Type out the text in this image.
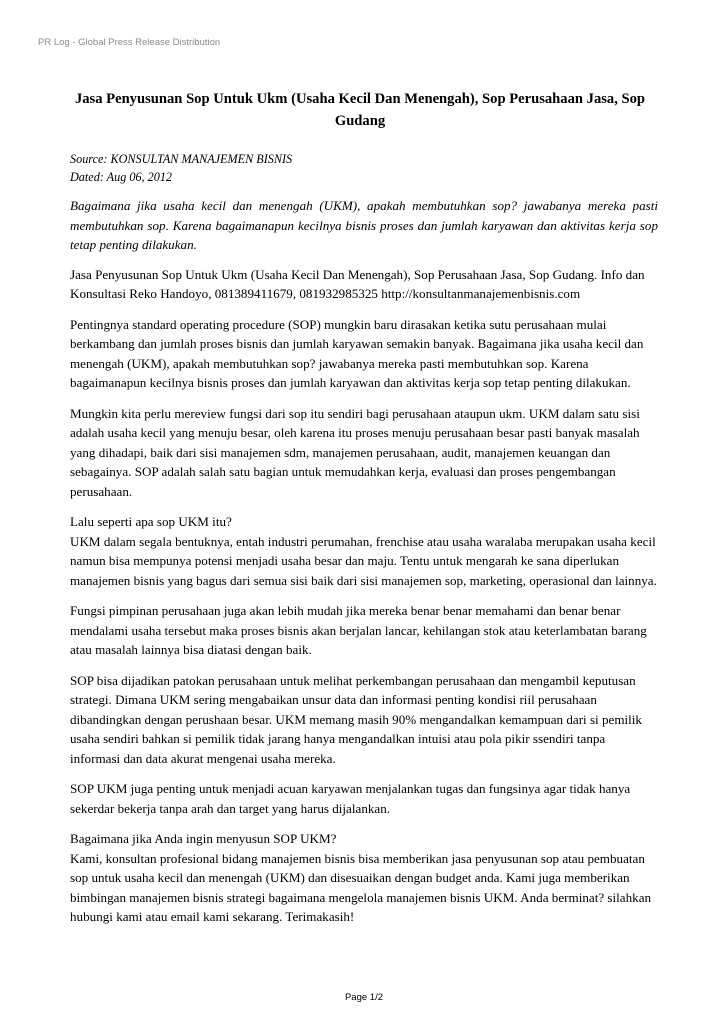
PR Log - Global Press Release Distribution
Jasa Penyusunan Sop Untuk Ukm (Usaha Kecil Dan Menengah), Sop Perusahaan Jasa, Sop Gudang
Source: KONSULTAN MANAJEMEN BISNIS
Dated: Aug 06, 2012

Bagaimana jika usaha kecil dan menengah (UKM), apakah membutuhkan sop? jawabanya mereka pasti membutuhkan sop. Karena bagaimanapun kecilnya bisnis proses dan jumlah karyawan dan aktivitas kerja sop tetap penting dilakukan.

Jasa Penyusunan Sop Untuk Ukm (Usaha Kecil Dan Menengah), Sop Perusahaan Jasa, Sop Gudang. Info dan Konsultasi Reko Handoyo, 081389411679, 081932985325 http://konsultanmanajemenbisnis.com

Pentingnya standard operating procedure (SOP) mungkin baru dirasakan ketika sutu perusahaan mulai berkambang dan jumlah proses bisnis dan jumlah karyawan semakin banyak. Bagaimana jika usaha kecil dan menengah (UKM), apakah membutuhkan sop? jawabanya mereka pasti membutuhkan sop. Karena bagaimanapun kecilnya bisnis proses dan jumlah karyawan dan aktivitas kerja sop tetap penting dilakukan.

Mungkin kita perlu mereview fungsi dari sop itu sendiri bagi perusahaan ataupun ukm. UKM dalam satu sisi adalah usaha kecil yang menuju besar, oleh karena itu proses menuju perusahaan besar pasti banyak masalah yang dihadapi, baik dari sisi manajemen sdm, manajemen perusahaan, audit, manajemen keuangan dan sebagainya. SOP adalah salah satu bagian untuk memudahkan kerja, evaluasi dan proses pengembangan perusahaan.

Lalu seperti apa sop UKM itu?
UKM dalam segala bentuknya, entah industri perumahan, frenchise atau usaha waralaba merupakan usaha kecil namun bisa mempunya potensi menjadi usaha besar dan maju. Tentu untuk mengarah ke sana diperlukan manajemen bisnis yang bagus dari semua sisi baik dari sisi manajemen sop, marketing, operasional dan lainnya.

Fungsi pimpinan perusahaan juga akan lebih mudah jika mereka benar benar memahami dan benar benar mendalami usaha tersebut maka proses bisnis akan berjalan lancar, kehilangan stok atau keterlambatan barang atau masalah lainnya bisa diatasi dengan baik.

SOP bisa dijadikan patokan perusahaan untuk melihat perkembangan perusahaan dan mengambil keputusan strategi. Dimana UKM sering mengabaikan unsur data dan informasi penting kondisi riil perusahaan dibandingkan dengan perushaan besar. UKM memang masih 90% mengandalkan kemampuan dari si pemilik usaha sendiri bahkan si pemilik tidak jarang hanya mengandalkan intuisi atau pola pikir ssendiri tanpa informasi dan data akurat mengenai usaha mereka.

SOP UKM juga penting untuk menjadi acuan karyawan menjalankan tugas dan fungsinya agar tidak hanya sekerdar bekerja tanpa arah dan target yang harus dijalankan.

Bagaimana jika Anda ingin menyusun SOP UKM?
Kami, konsultan profesional bidang manajemen bisnis bisa memberikan jasa penyusunan sop atau pembuatan sop untuk usaha kecil dan menengah (UKM) dan disesuaikan dengan budget anda. Kami juga memberikan bimbingan manajemen bisnis strategi bagaimana mengelola manajemen bisnis UKM. Anda berminat? silahkan hubungi kami atau email kami sekarang. Terimakasih!

Page 1/2
